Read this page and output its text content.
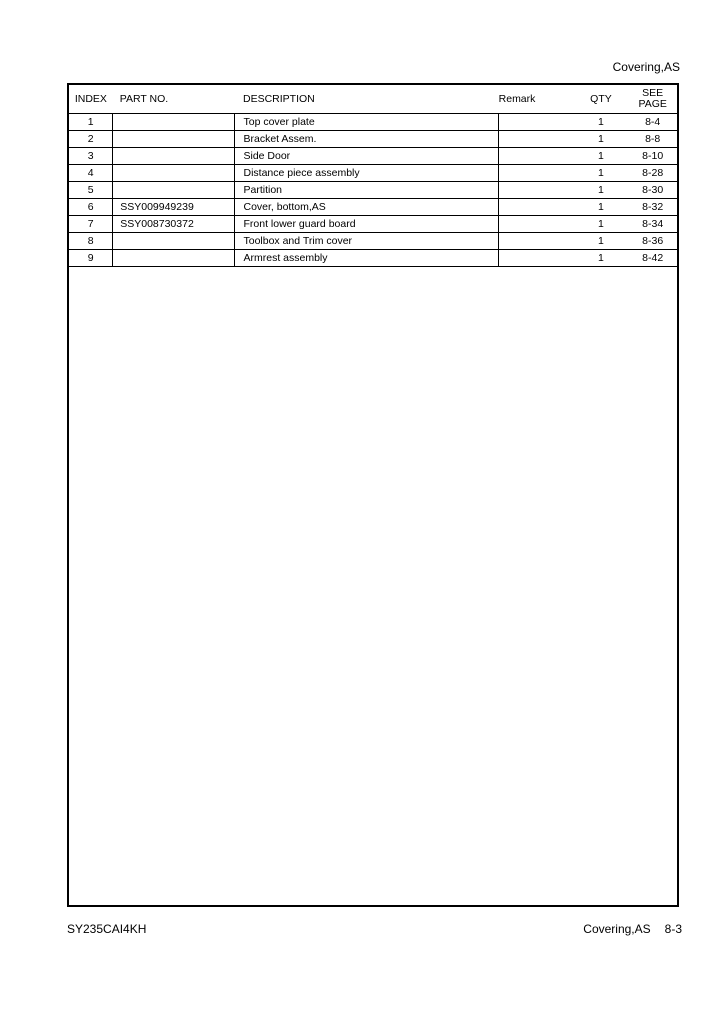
Covering,AS
INDEX	PART NO.	DESCRIPTION	Remark	QTY	SEE
PAGE

1		Top cover plate		1	8-4
2		Bracket Assem.		1	8-8
3		Side Door		1	8-10
4		Distance piece assembly		1	8-28
5		Partition		1	8-30
6	SSY009949239	Cover, bottom,AS		1	8-32
7	SSY008730372	Front lower guard board		1	8-34
8		Toolbox and Trim cover		1	8-36
9		Armrest assembly		1	8-42
SY235CAI4KH	Covering,AS 8-3
